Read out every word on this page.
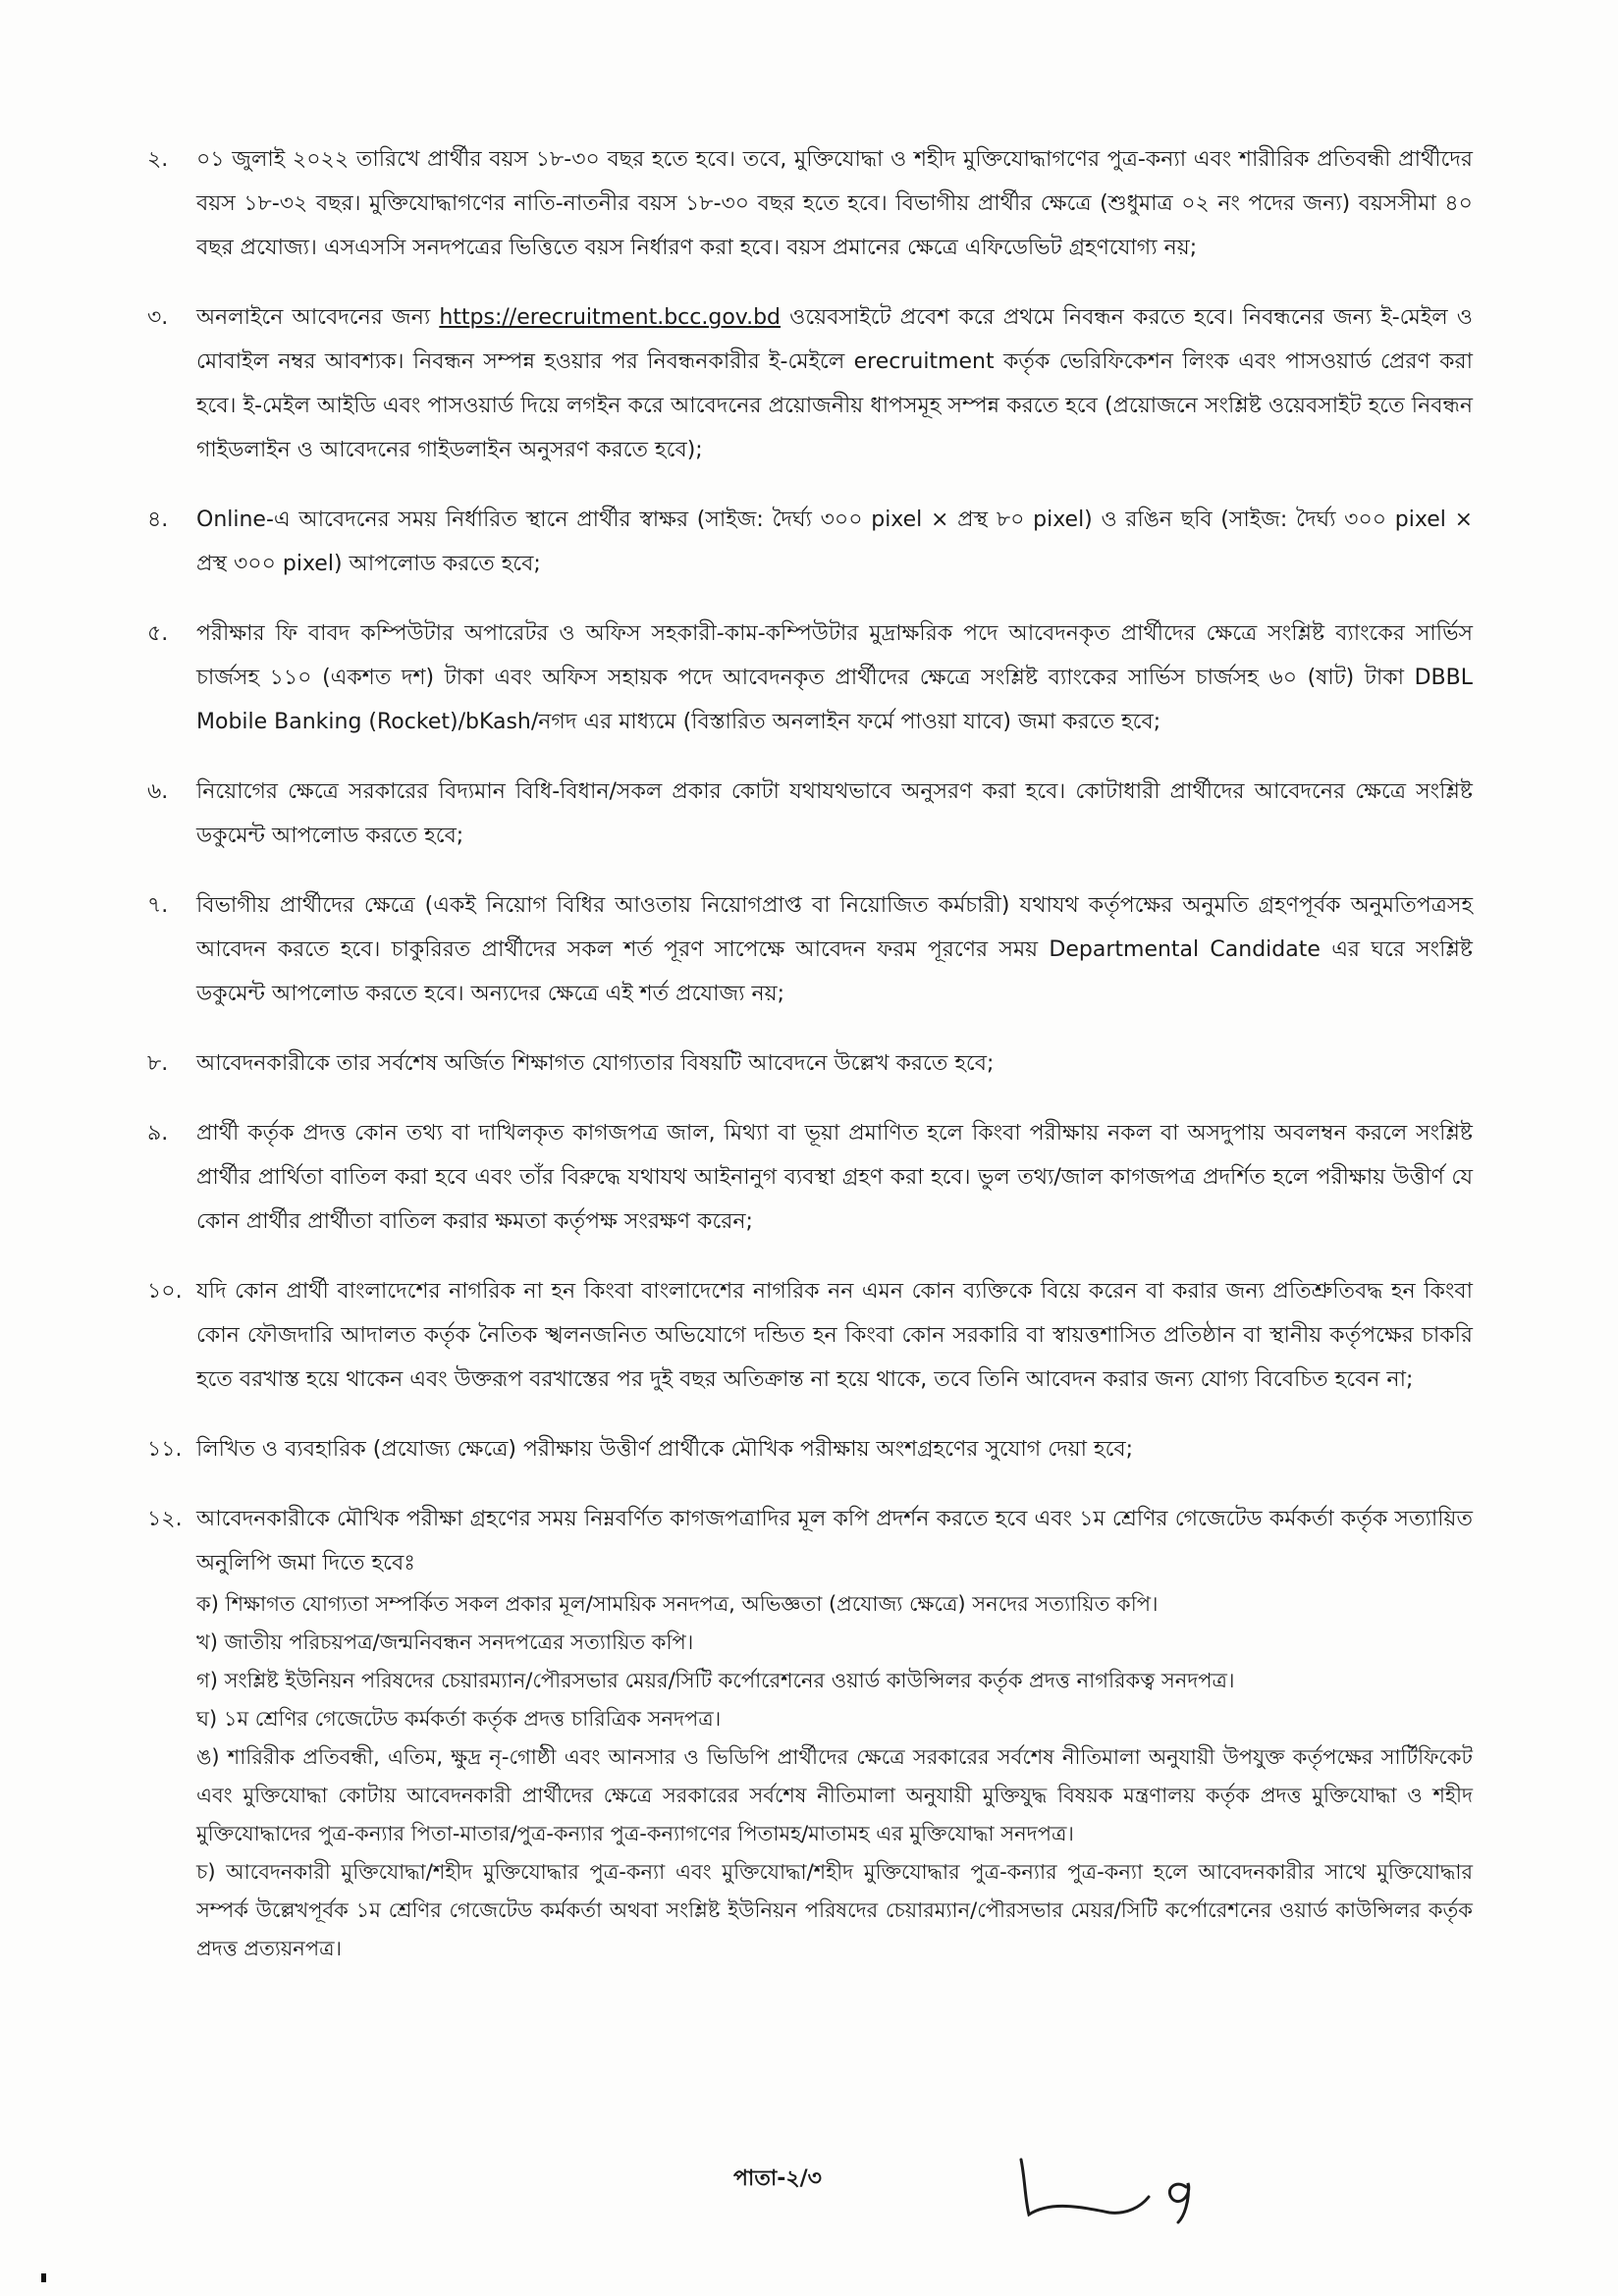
২.	০১ জুলাই ২০২২ তারিখে প্রার্থীর বয়স ১৮-৩০ বছর হতে হবে। তবে, মুক্তিযোদ্ধা ও শহীদ মুক্তিযোদ্ধাগণের পুত্র-কন্যা এবং শারীরিক প্রতিবন্ধী প্রার্থীদের বয়স ১৮-৩২ বছর। মুক্তিযোদ্ধাগণের নাতি-নাতনীর বয়স ১৮-৩০ বছর হতে হবে। বিভাগীয় প্রার্থীর ক্ষেত্রে (শুধুমাত্র ০২ নং পদের জন্য) বয়সসীমা ৪০ বছর প্রযোজ্য। এসএসসি সনদপত্রের ভিত্তিতে বয়স নির্ধারণ করা হবে। বয়স প্রমানের ক্ষেত্রে এফিডেভিট গ্রহণযোগ্য নয়;
৩.	অনলাইনে আবেদনের জন্য https://erecruitment.bcc.gov.bd ওয়েবসাইটে প্রবেশ করে প্রথমে নিবন্ধন করতে হবে। নিবন্ধনের জন্য ই-মেইল ও মোবাইল নম্বর আবশ্যক। নিবন্ধন সম্পন্ন হওয়ার পর নিবন্ধনকারীর ই-মেইলে erecruitment কর্তৃক ভেরিফিকেশন লিংক এবং পাসওয়ার্ড প্রেরণ করা হবে। ই-মেইল আইডি এবং পাসওয়ার্ড দিয়ে লগইন করে আবেদনের প্রয়োজনীয় ধাপসমূহ সম্পন্ন করতে হবে (প্রয়োজনে সংশ্লিষ্ট ওয়েবসাইট হতে নিবন্ধন গাইডলাইন ও আবেদনের গাইডলাইন অনুসরণ করতে হবে);
৪.	Online-এ আবেদনের সময় নির্ধারিত স্থানে প্রার্থীর স্বাক্ষর (সাইজ: দৈর্ঘ্য ৩০০ pixel × প্রস্থ ৮০ pixel) ও রঙিন ছবি (সাইজ: দৈর্ঘ্য ৩০০ pixel × প্রস্থ ৩০০ pixel) আপলোড করতে হবে;
৫.	পরীক্ষার ফি বাবদ কম্পিউটার অপারেটর ও অফিস সহকারী-কাম-কম্পিউটার মুদ্রাক্ষরিক পদে আবেদনকৃত প্রার্থীদের ক্ষেত্রে সংশ্লিষ্ট ব্যাংকের সার্ভিস চার্জসহ ১১০ (একশত দশ) টাকা এবং অফিস সহায়ক পদে আবেদনকৃত প্রার্থীদের ক্ষেত্রে সংশ্লিষ্ট ব্যাংকের সার্ভিস চার্জসহ ৬০ (ষাট) টাকা DBBL Mobile Banking (Rocket)/bKash/নগদ এর মাধ্যমে (বিস্তারিত অনলাইন ফর্মে পাওয়া যাবে) জমা করতে হবে;
৬.	নিয়োগের ক্ষেত্রে সরকারের বিদ্যমান বিধি-বিধান/সকল প্রকার কোটা যথাযথভাবে অনুসরণ করা হবে। কোটাধারী প্রার্থীদের আবেদনের ক্ষেত্রে সংশ্লিষ্ট ডকুমেন্ট আপলোড করতে হবে;
৭.	বিভাগীয় প্রার্থীদের ক্ষেত্রে (একই নিয়োগ বিধির আওতায় নিয়োগপ্রাপ্ত বা নিয়োজিত কর্মচারী) যথাযথ কর্তৃপক্ষের অনুমতি গ্রহণপূর্বক অনুমতিপত্রসহ আবেদন করতে হবে। চাকুরিরত প্রার্থীদের সকল শর্ত পূরণ সাপেক্ষে আবেদন ফরম পূরণের সময় Departmental Candidate এর ঘরে সংশ্লিষ্ট ডকুমেন্ট আপলোড করতে হবে। অন্যদের ক্ষেত্রে এই শর্ত প্রযোজ্য নয়;
৮.	আবেদনকারীকে তার সর্বশেষ অর্জিত শিক্ষাগত যোগ্যতার বিষয়টি আবেদনে উল্লেখ করতে হবে;
৯.	প্রার্থী কর্তৃক প্রদত্ত কোন তথ্য বা দাখিলকৃত কাগজপত্র জাল, মিথ্যা বা ভূয়া প্রমাণিত হলে কিংবা পরীক্ষায় নকল বা অসদুপায় অবলম্বন করলে সংশ্লিষ্ট প্রার্থীর প্রার্থিতা বাতিল করা হবে এবং তাঁর বিরুদ্ধে যথাযথ আইনানুগ ব্যবস্থা গ্রহণ করা হবে। ভুল তথ্য/জাল কাগজপত্র প্রদর্শিত হলে পরীক্ষায় উত্তীর্ণ যে কোন প্রার্থীর প্রার্থীতা বাতিল করার ক্ষমতা কর্তৃপক্ষ সংরক্ষণ করেন;
১০. যদি কোন প্রার্থী বাংলাদেশের নাগরিক না হন কিংবা বাংলাদেশের নাগরিক নন এমন কোন ব্যক্তিকে বিয়ে করেন বা করার জন্য প্রতিশ্রুতিবদ্ধ হন কিংবা কোন ফৌজদারি আদালত কর্তৃক নৈতিক স্খলনজনিত অভিযোগে দন্ডিত হন কিংবা কোন সরকারি বা স্বায়ত্তশাসিত প্রতিষ্ঠান বা স্থানীয় কর্তৃপক্ষের চাকরি হতে বরখাস্ত হয়ে থাকেন এবং উক্তরূপ বরখাস্তের পর দুই বছর অতিক্রান্ত না হয়ে থাকে, তবে তিনি আবেদন করার জন্য যোগ্য বিবেচিত হবেন না;
১১. লিখিত ও ব্যবহারিক (প্রযোজ্য ক্ষেত্রে) পরীক্ষায় উত্তীর্ণ প্রার্থীকে মৌখিক পরীক্ষায় অংশগ্রহণের সুযোগ দেয়া হবে;
১২. আবেদনকারীকে মৌখিক পরীক্ষা গ্রহণের সময় নিম্নবর্ণিত কাগজপত্রাদির মূল কপি প্রদর্শন করতে হবে এবং ১ম শ্রেণির গেজেটেড কর্মকর্তা কর্তৃক সত্যায়িত অনুলিপি জমা দিতে হবেঃ
ক) শিক্ষাগত যোগ্যতা সম্পর্কিত সকল প্রকার মূল/সাময়িক সনদপত্র, অভিজ্ঞতা (প্রযোজ্য ক্ষেত্রে) সনদের সত্যায়িত কপি।
খ) জাতীয় পরিচয়পত্র/জন্মনিবন্ধন সনদপত্রের সত্যায়িত কপি।
গ) সংশ্লিষ্ট ইউনিয়ন পরিষদের চেয়ারম্যান/পৌরসভার মেয়র/সিটি কর্পোরেশনের ওয়ার্ড কাউন্সিলর কর্তৃক প্রদত্ত নাগরিকত্ব সনদপত্র।
ঘ) ১ম শ্রেণির গেজেটেড কর্মকর্তা কর্তৃক প্রদত্ত চারিত্রিক সনদপত্র।
ঙ) শারিরীক প্রতিবন্ধী, এতিম, ক্ষুদ্র নৃ-গোষ্ঠী এবং আনসার ও ভিডিপি প্রার্থীদের ক্ষেত্রে সরকারের সর্বশেষ নীতিমালা অনুযায়ী উপযুক্ত কর্তৃপক্ষের সার্টিফিকেট এবং মুক্তিযোদ্ধা কোটায় আবেদনকারী প্রার্থীদের ক্ষেত্রে সরকারের সর্বশেষ নীতিমালা অনুযায়ী মুক্তিযুদ্ধ বিষয়ক মন্ত্রণালয় কর্তৃক প্রদত্ত মুক্তিযোদ্ধা ও শহীদ মুক্তিযোদ্ধাদের পুত্র-কন্যার পিতা-মাতার/পুত্র-কন্যার পুত্র-কন্যাগণের পিতামহ/মাতামহ এর মুক্তিযোদ্ধা সনদপত্র।
চ) আবেদনকারী মুক্তিযোদ্ধা/শহীদ মুক্তিযোদ্ধার পুত্র-কন্যা এবং মুক্তিযোদ্ধা/শহীদ মুক্তিযোদ্ধার পুত্র-কন্যার পুত্র-কন্যা হলে আবেদনকারীর সাথে মুক্তিযোদ্ধার সম্পর্ক উল্লেখপূর্বক ১ম শ্রেণির গেজেটেড কর্মকর্তা অথবা সংশ্লিষ্ট ইউনিয়ন পরিষদের চেয়ারম্যান/পৌরসভার মেয়র/সিটি কর্পোরেশনের ওয়ার্ড কাউন্সিলর কর্তৃক প্রদত্ত প্রত্যয়নপত্র।
পাতা-২/৩
